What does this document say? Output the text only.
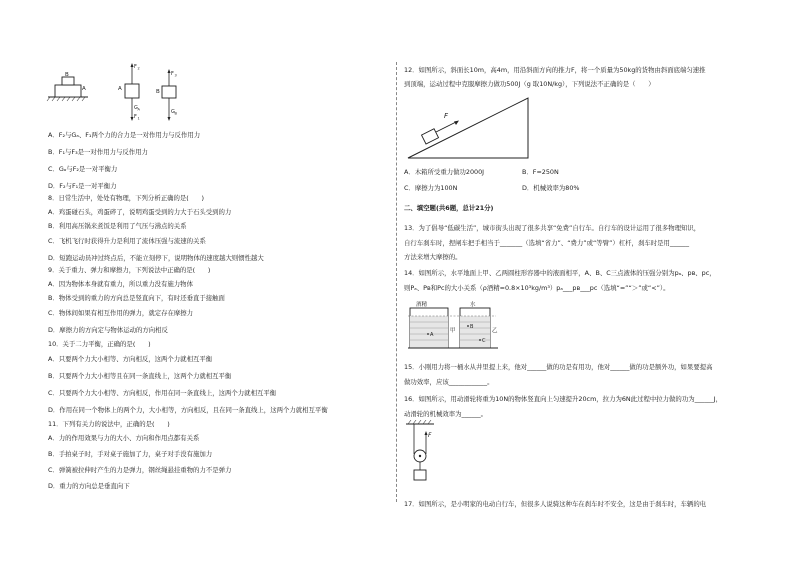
B
A	A
F 2
G A
F 1
B
F 3
G B
A．F₂与Gₐ、F₁两个力的合力是一对作用力与反作用力
B．F₁与F₃是一对作用力与反作用力
C．Gₐ与F₂是一对平衡力
D．F₂与F₁是一对平衡力
8．日常生活中，处处有物理，下列分析正确的是(　　)
A．鸡蛋碰石头，鸡蛋碎了，说明鸡蛋受到的力大于石头受到的力
B．利用高压锅来煮饭是利用了气压与沸点的关系
C．飞机飞行时获得升力是利用了流体压强与流速的关系
D．短跑运动员冲过终点后，不能立刻停下，说明物体的速度越大则惯性越大
9．关于重力、弹力和摩擦力，下列说法中正确的是(　　)
A．因为物体本身就有重力，所以重力没有施力物体
B．物体受到的重力的方向总是竖直向下，有时还垂直于接触面
C．物体间如果有相互作用的弹力，就定存在摩擦力
D．摩擦力的方向定与物体运动的方向相反
10．关于二力平衡，正确的是(　　)
A．只要两个力大小相等、方向相反，这两个力就相互平衡
B．只要两个力大小相等且在同一条直线上，这两个力就相互平衡
C．只要两个力大小相等、方向相反，作用在同一条直线上，这两个力就相互平衡
D．作用在同一个物体上的两个力，大小相等，方向相反，且在同一条直线上，这两个力就相互平衡
11．下列有关力的说法中，正确的是(　　)
A．力的作用效果与力的大小、方向和作用点都有关系
B．手拍桌子时，手对桌子施加了力，桌子对手没有施加力
C．弹簧被拉伸时产生的力是弹力，钢丝绳悬挂重物的力不是弹力
D．重力的方向总是垂直向下
12．如图所示，斜面长10m，高4m，用沿斜面方向的推力F，将一个质量为50kg的货物由斜面底端匀速推
到顶端，运动过程中克服摩擦力做功500J（g 取10N/kg），下列说法不正确的是（　　）
F
A．木箱所受重力做功2000J	B．F=250N
C．摩擦力为100N	D．机械效率为80%
二、填空题(共6题，总计21分)
13．为了倡导“低碳生活”，城市街头出现了很多共享“免费”自行车。自行车的设计运用了很多物理知识，
自行车刹车时，捏闸车把手相当于_______（选填“省力”、“费力”或“等臂”）杠杆，刹车时是用______
方法来增大摩擦的。
14．如图所示，水平地面上甲、乙两圆柱形容器中的液面相平，A、B、C三点液体的压强分别为pₐ、pʙ、pᴄ，
则Pₐ、Pʙ和Pᴄ的大小关系（ρ酒精=0.8×10³kg/m³）pₐ___pʙ___pᴄ（选填“=”“＞”或“<”）。
酒精
甲
A
水
乙
B
C
15．小刚用力将一桶水从井里提上来，他对______做的功是有用功，他对______做的功是额外功，如果要提高
做功效率，应该____________。
16．如图所示，用动滑轮将重为10N的物体竖直向上匀速提升20cm，拉力为6N此过程中拉力做的功为______J，
动滑轮的机械效率为______。
F
17．如图所示，是小明家的电动自行车，但很多人说骑这种车在刹车时不安全，这是由于刹车时，车辆的电
